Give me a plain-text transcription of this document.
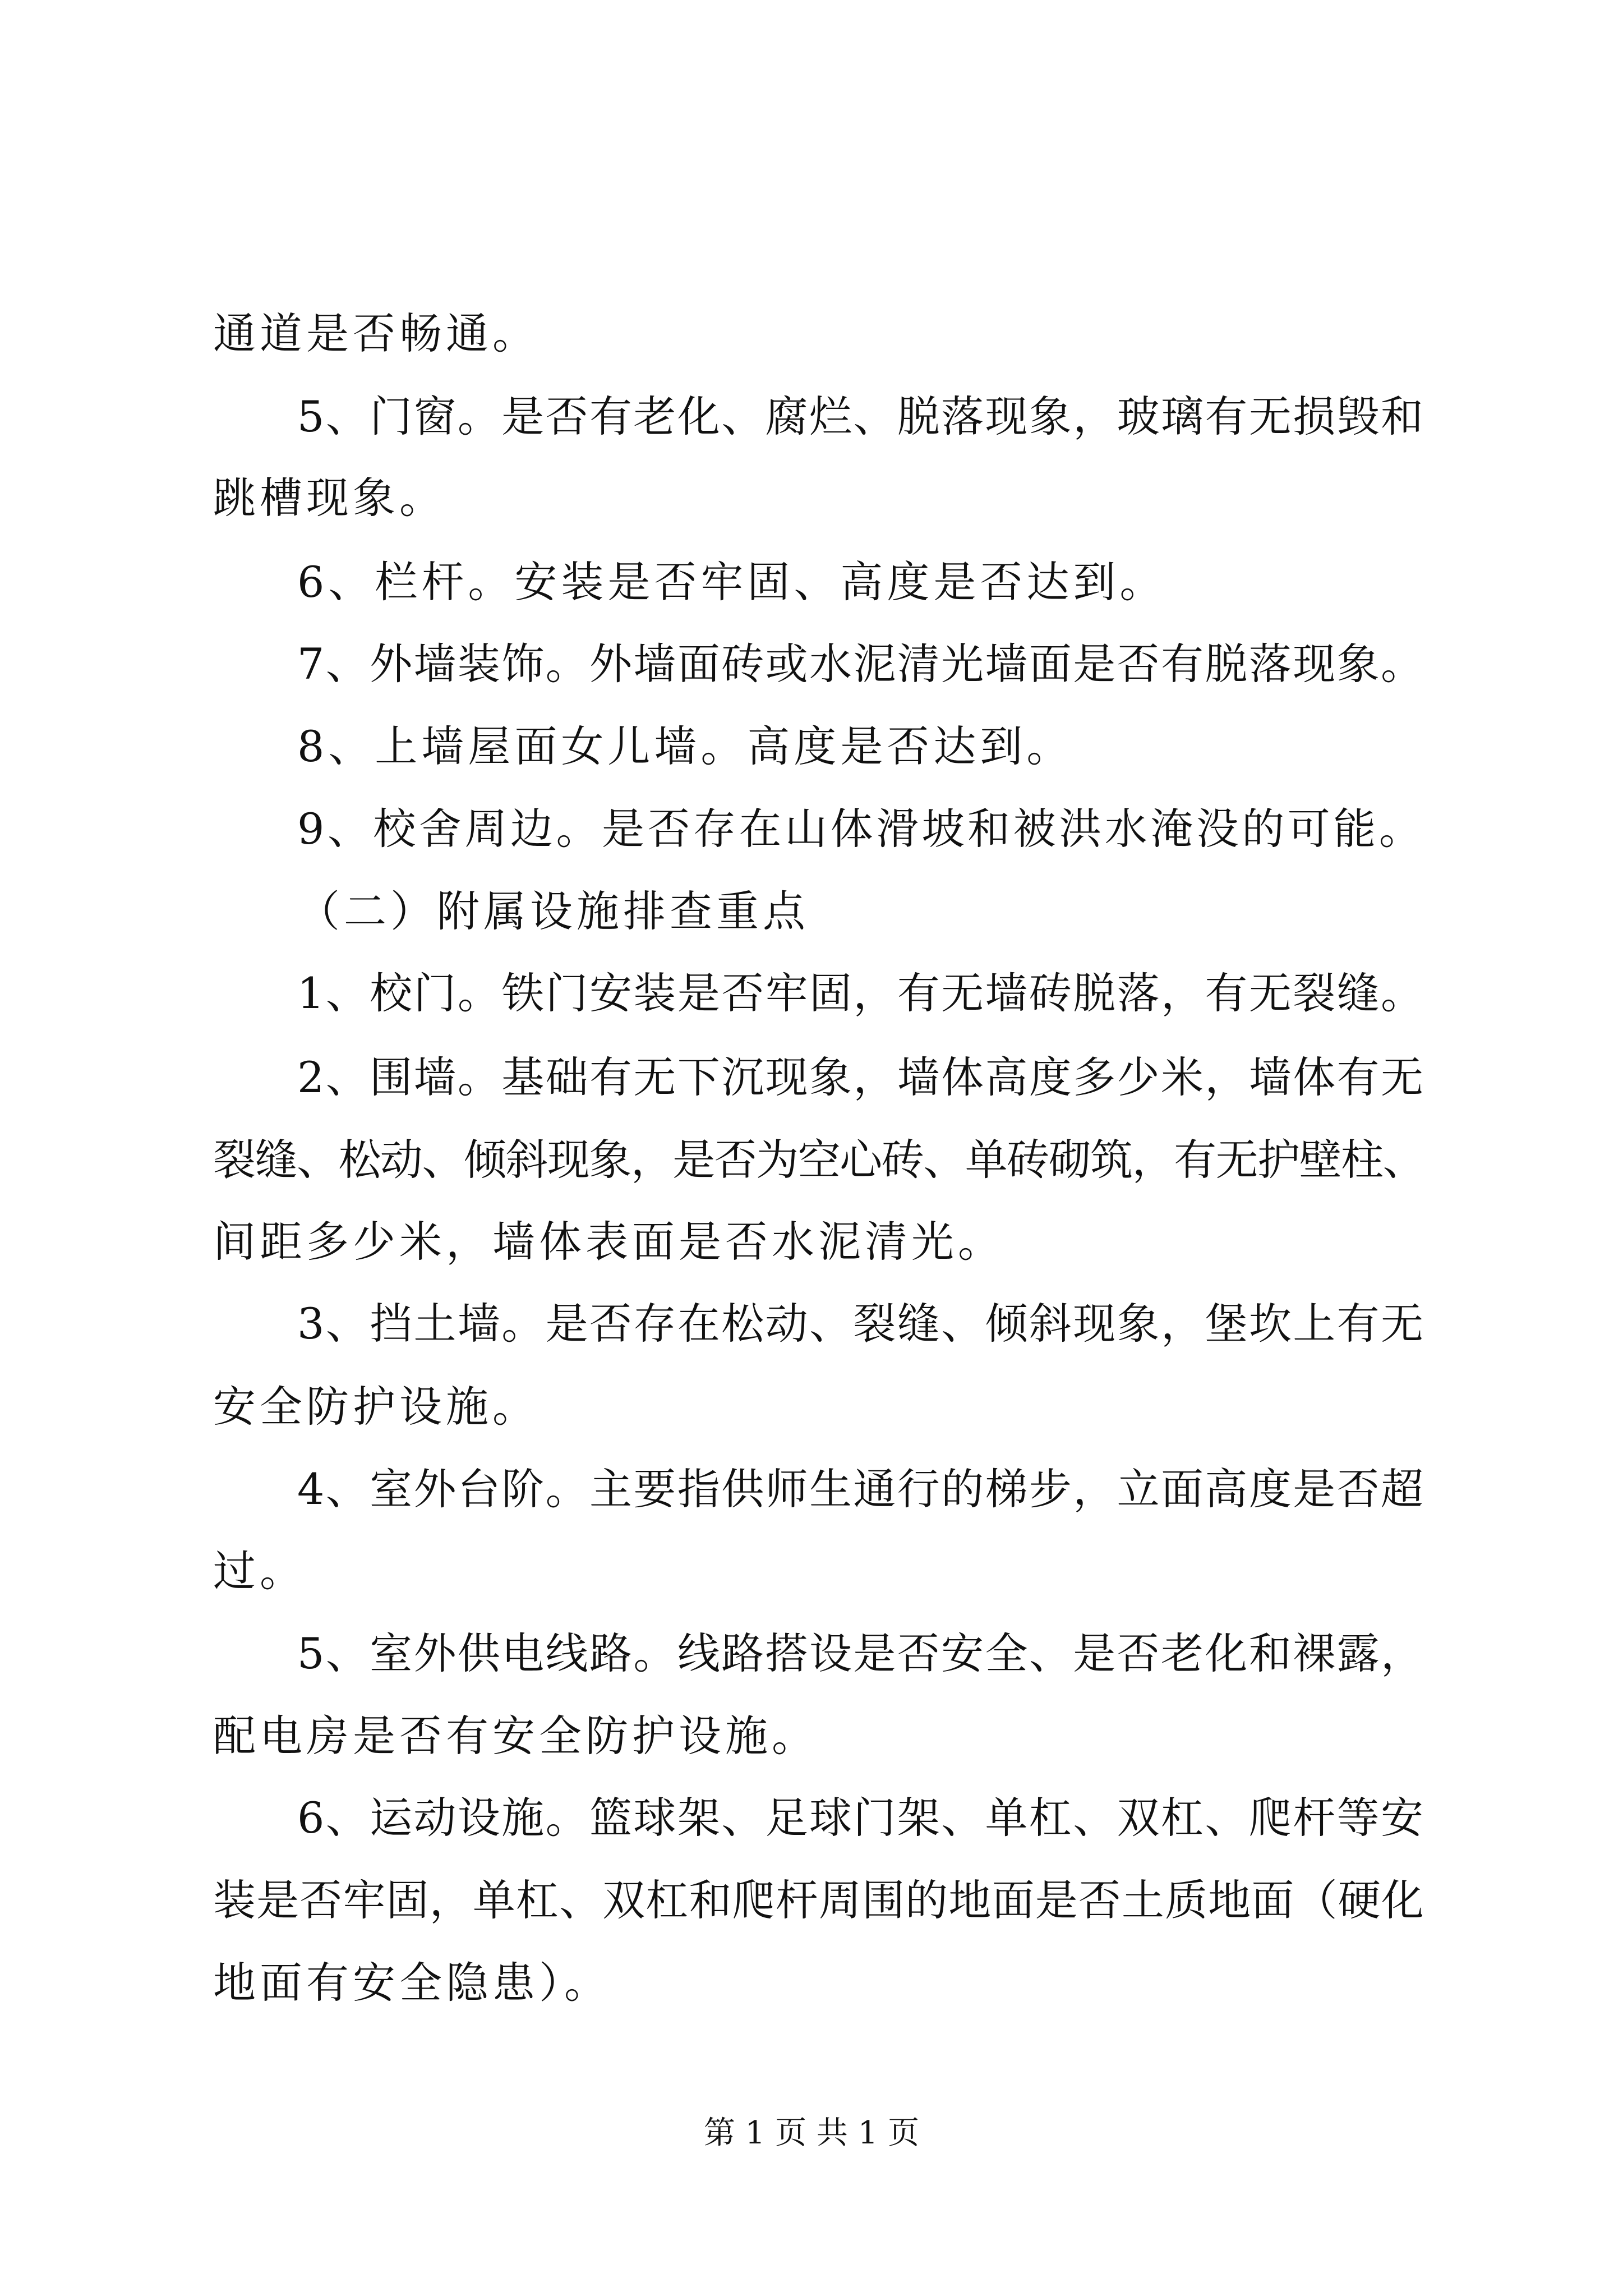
通道是否畅通。
5、门窗。是否有老化、腐烂、脱落现象，玻璃有无损毁和
跳槽现象。
6、栏杆。安装是否牢固、高度是否达到。
7、外墙装饰。外墙面砖或水泥清光墙面是否有脱落现象。
8、上墙屋面女儿墙。高度是否达到。
9、校舍周边。是否存在山体滑坡和被洪水淹没的可能。
（二）附属设施排查重点
1、校门。铁门安装是否牢固，有无墙砖脱落，有无裂缝。
2、围墙。基础有无下沉现象，墙体高度多少米，墙体有无
裂缝、松动、倾斜现象，是否为空心砖、单砖砌筑，有无护壁柱、
间距多少米，墙体表面是否水泥清光。
3、挡土墙。是否存在松动、裂缝、倾斜现象，堡坎上有无
安全防护设施。
4、室外台阶。主要指供师生通行的梯步，立面高度是否超
过。
5、室外供电线路。线路搭设是否安全、是否老化和裸露，
配电房是否有安全防护设施。
6、运动设施。篮球架、足球门架、单杠、双杠、爬杆等安
装是否牢固，单杠、双杠和爬杆周围的地面是否土质地面（硬化
地面有安全隐患）。
第 1 页 共 1 页
